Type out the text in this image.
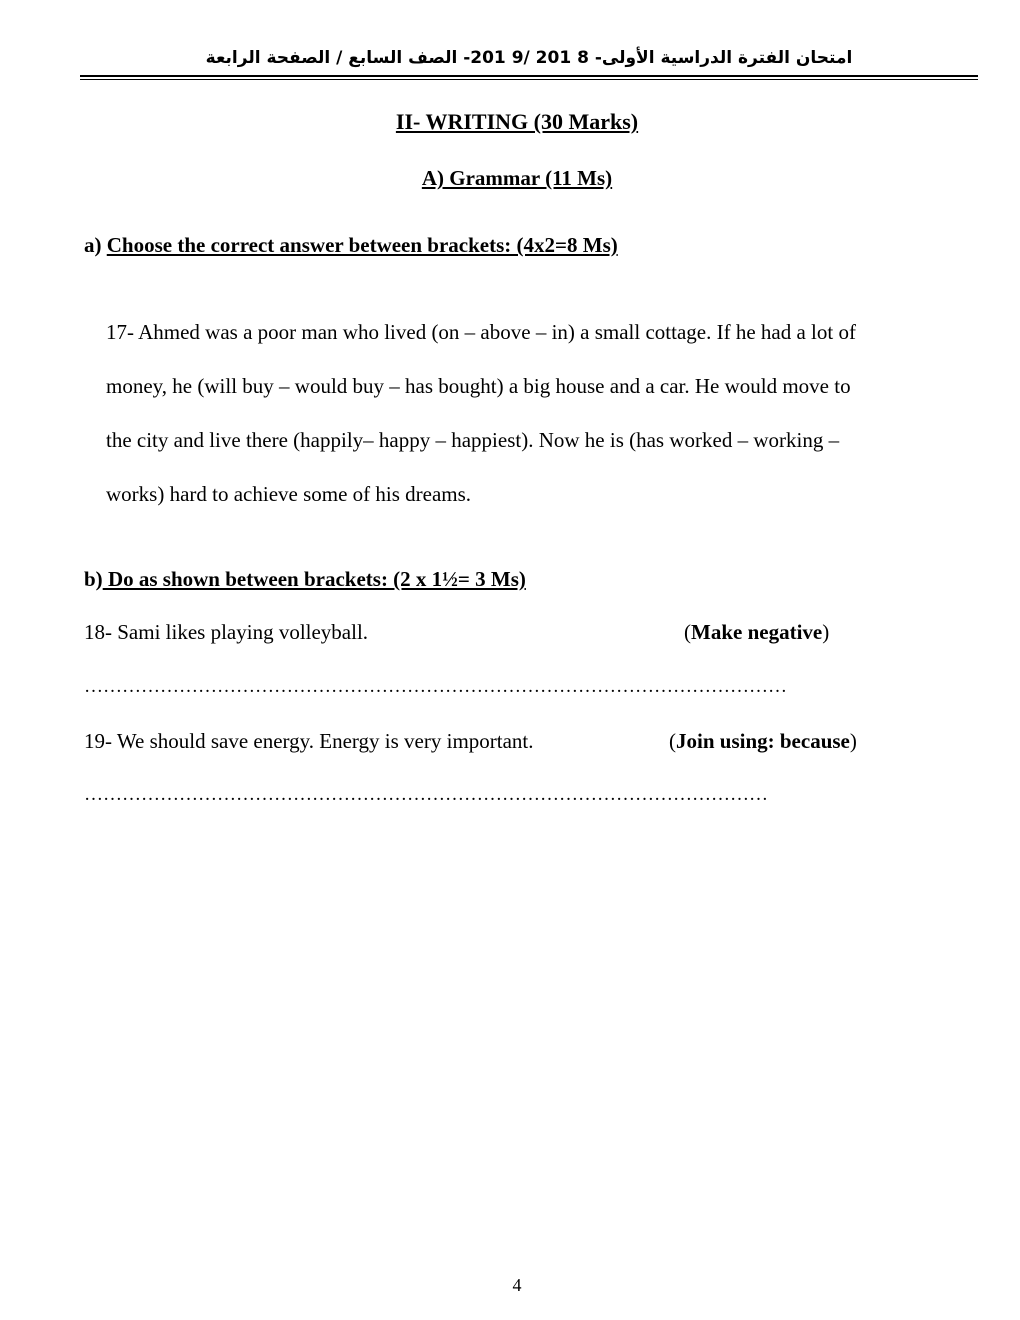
امتحان الفترة الدراسية الأولى- 8 201 /9 201- الصف السابع / الصفحة الرابعة
II- WRITING (30 Marks)
A) Grammar (11 Ms)
a) Choose the correct answer between brackets: (4x2=8 Ms)
17- Ahmed was a poor man who lived (on – above – in) a small cottage. If he had a lot of
money, he (will buy – would buy – has bought) a big house and a car. He would move to
the city and live there (happily– happy – happiest). Now he is (has worked – working –
works) hard to achieve some of his dreams.
b) Do as shown between brackets: (2 x 1½= 3 Ms)
18- Sami likes playing volleyball.	(Make negative)
…………………………………………………………………………………………………
19- We should save energy. Energy is very important.	(Join using: because)
………………………………………………………………………………………………
4
